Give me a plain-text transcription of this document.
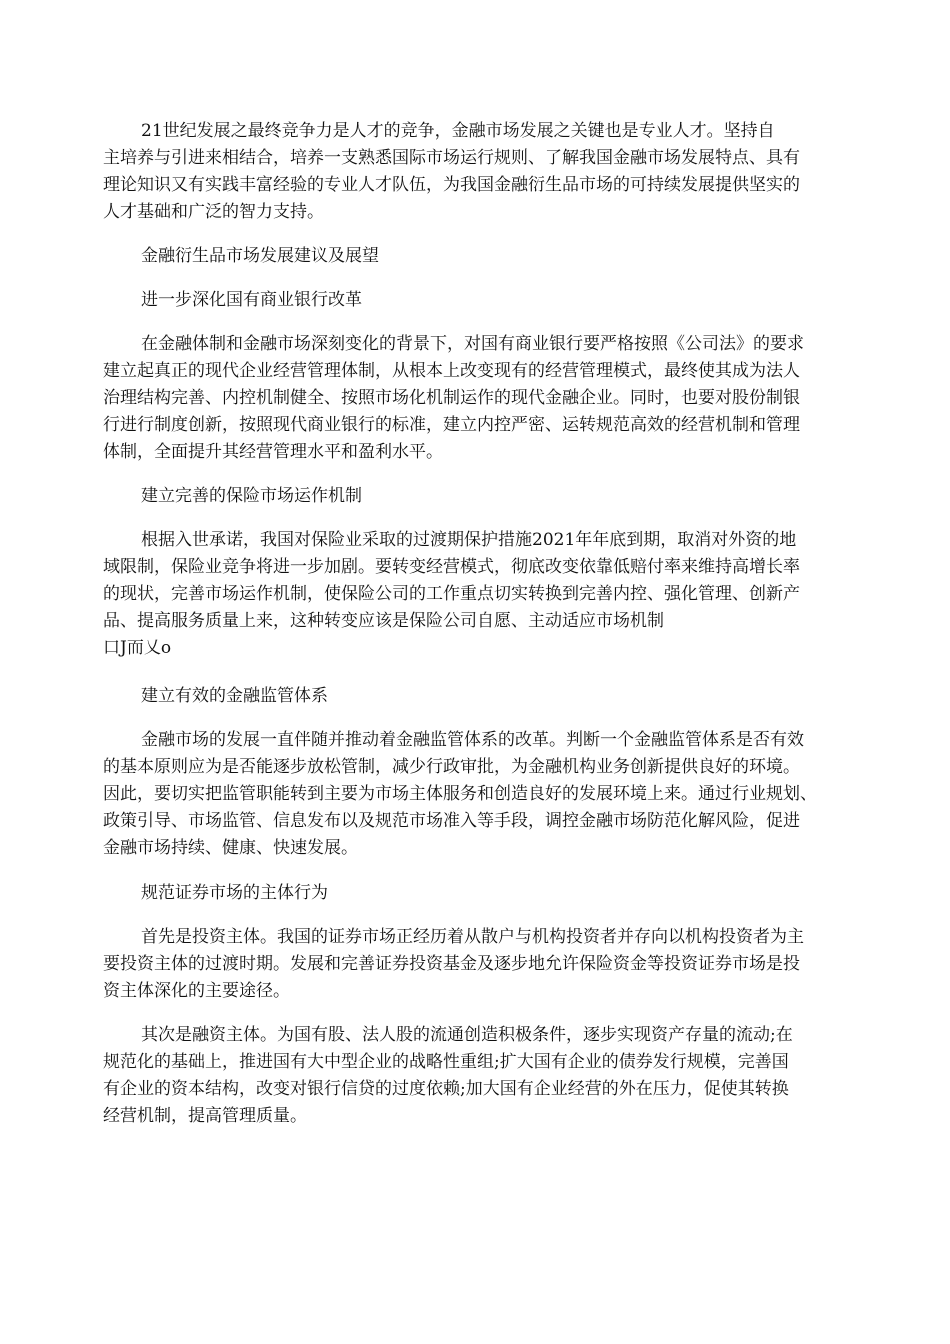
21世纪发展之最终竞争力是人才的竞争，金融市场发展之关键也是专业人才。坚持自
主培养与引进来相结合，培养一支熟悉国际市场运行规则、了解我国金融市场发展特点、具有
理论知识又有实践丰富经验的专业人才队伍，为我国金融衍生品市场的可持续发展提供坚实的
人才基础和广泛的智力支持。
金融衍生品市场发展建议及展望
进一步深化国有商业银行改革
在金融体制和金融市场深刻变化的背景下，对国有商业银行要严格按照《公司法》的要求
建立起真正的现代企业经营管理体制，从根本上改变现有的经营管理模式，最终使其成为法人
治理结构完善、内控机制健全、按照市场化机制运作的现代金融企业。同时，也要对股份制银
行进行制度创新，按照现代商业银行的标准，建立内控严密、运转规范高效的经营机制和管理
体制，全面提升其经营管理水平和盈利水平。
建立完善的保险市场运作机制
根据入世承诺，我国对保险业采取的过渡期保护措施2021年年底到期，取消对外资的地
域限制，保险业竞争将进一步加剧。要转变经营模式，彻底改变依靠低赔付率来维持高增长率
的现状，完善市场运作机制，使保险公司的工作重点切实转换到完善内控、强化管理、创新产
品、提高服务质量上来，这种转变应该是保险公司自愿、主动适应市场机制
口J而乂o
建立有效的金融监管体系
金融市场的发展一直伴随并推动着金融监管体系的改革。判断一个金融监管体系是否有效
的基本原则应为是否能逐步放松管制，减少行政审批，为金融机构业务创新提供良好的环境。
因此，要切实把监管职能转到主要为市场主体服务和创造良好的发展环境上来。通过行业规划、
政策引导、市场监管、信息发布以及规范市场准入等手段，调控金融市场防范化解风险，促进
金融市场持续、健康、快速发展。
规范证券市场的主体行为
首先是投资主体。我国的证券市场正经历着从散户与机构投资者并存向以机构投资者为主
要投资主体的过渡时期。发展和完善证券投资基金及逐步地允许保险资金等投资证券市场是投
资主体深化的主要途径。
其次是融资主体。为国有股、法人股的流通创造积极条件，逐步实现资产存量的流动;在
规范化的基础上，推进国有大中型企业的战略性重组;扩大国有企业的债券发行规模，完善国
有企业的资本结构，改变对银行信贷的过度依赖;加大国有企业经营的外在压力，促使其转换
经营机制，提高管理质量。
